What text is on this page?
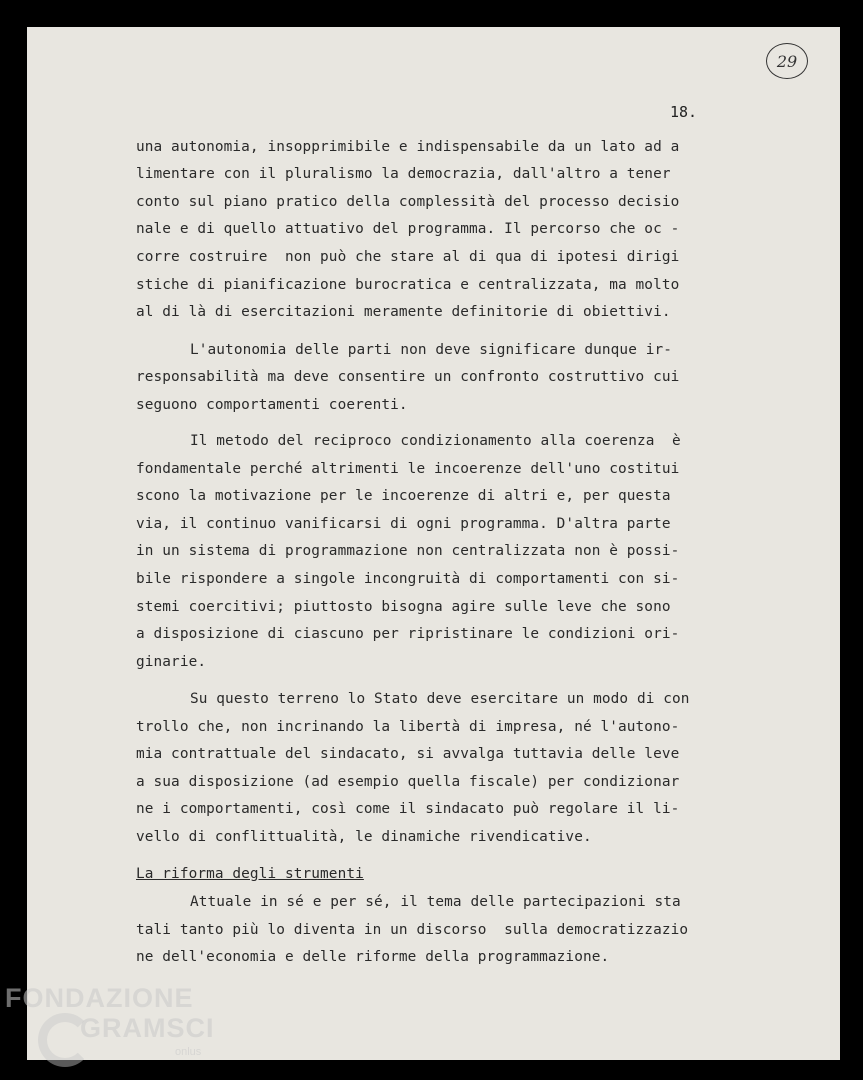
29
18.
una autonomia, insopprimibile e indispensabile da un lato ad a
limentare con il pluralismo la democrazia, dall'altro a tener
conto sul piano pratico della complessità del processo decisio
nale e di quello attuativo del programma. Il percorso che oc -
corre costruire  non può che stare al di qua di ipotesi dirigi
stiche di pianificazione burocratica e centralizzata, ma molto
al di là di esercitazioni meramente definitorie di obiettivi.
L'autonomia delle parti non deve significare dunque ir-
responsabilità ma deve consentire un confronto costruttivo cui
seguono comportamenti coerenti.
Il metodo del reciproco condizionamento alla coerenza  è
fondamentale perché altrimenti le incoerenze dell'uno costitui
scono la motivazione per le incoerenze di altri e, per questa
via, il continuo vanificarsi di ogni programma. D'altra parte
in un sistema di programmazione non centralizzata non è possi-
bile rispondere a singole incongruità di comportamenti con si-
stemi coercitivi; piuttosto bisogna agire sulle leve che sono
a disposizione di ciascuno per ripristinare le condizioni ori-
ginarie.
Su questo terreno lo Stato deve esercitare un modo di con
trollo che, non incrinando la libertà di impresa, né l'autono-
mia contrattuale del sindacato, si avvalga tuttavia delle leve
a sua disposizione (ad esempio quella fiscale) per condizionar
ne i comportamenti, così come il sindacato può regolare il li-
vello di conflittualità, le dinamiche rivendicative.
La riforma degli strumenti
Attuale in sé e per sé, il tema delle partecipazioni sta
tali tanto più lo diventa in un discorso  sulla democratizzazio
ne dell'economia e delle riforme della programmazione.
FONDAZIONE
GRAMSCI
onlus
